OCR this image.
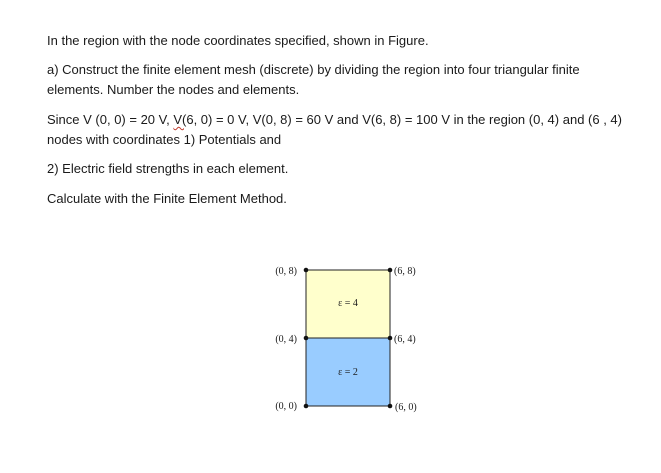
In the region with the node coordinates specified, shown in Figure.
a) Construct the finite element mesh (discrete) by dividing the region into four triangular finite
elements. Number the nodes and elements.
Since V (0, 0) = 20 V, V(6, 0) = 0 V, V(0, 8) = 60 V and V(6, 8) = 100 V in the region (0, 4) and (6 , 4)
nodes with coordinates 1) Potentials and
2) Electric field strengths in each element.
Calculate with the Finite Element Method.
ε = 4
ε = 2
(0, 8)	(6, 8)
(0, 4)	(6, 4)
(0, 0)	(6, 0)
